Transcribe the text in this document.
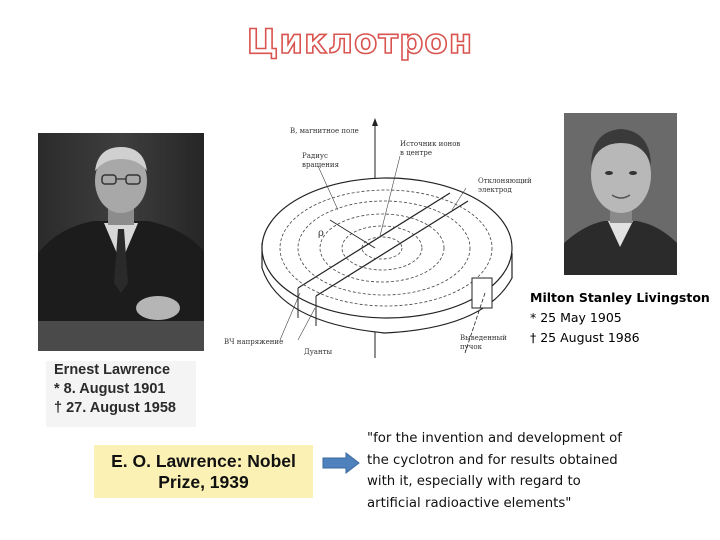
Циклотрон
B, магнитное поле
Радиус
вращения
Источник ионов
в центре
Отклоняющий
электрод
ρ
ВЧ напряжение
Дуанты
Выведенный
пучок
Milton Stanley Livingston
* 25 May 1905
† 25 August 1986
Ernest Lawrence
* 8. August 1901
† 27. August 1958
E. O. Lawrence: Nobel
Prize, 1939
"for the invention and development of
the cyclotron and for results obtained
with it, especially with regard to
artificial radioactive elements"
